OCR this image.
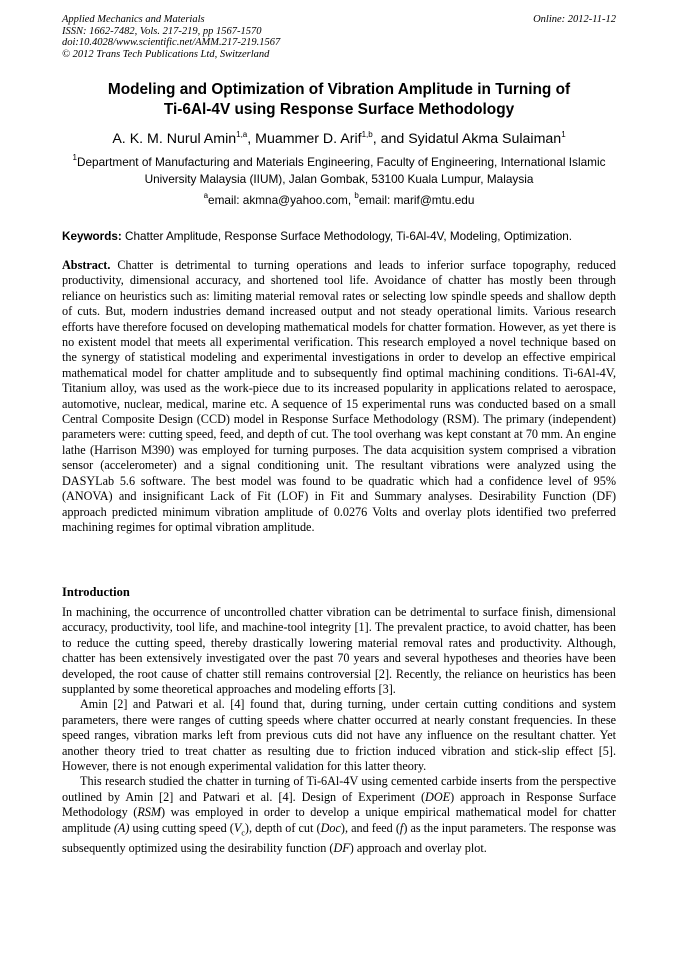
Online: 2012-11-12
Applied Mechanics and Materials
ISSN: 1662-7482, Vols. 217-219, pp 1567-1570
doi:10.4028/www.scientific.net/AMM.217-219.1567
© 2012 Trans Tech Publications Ltd, Switzerland
Modeling and Optimization of Vibration Amplitude in Turning of
Ti-6Al-4V using Response Surface Methodology
A. K. M. Nurul Amin$^{1,a}$, Muammer D. Arif$^{1,b}$, and Syidatul Akma Sulaiman$^1$
$^1$Department of Manufacturing and Materials Engineering, Faculty of Engineering, International Islamic University Malaysia (IIUM), Jalan Gombak, 53100 Kuala Lumpur, Malaysia
$^a$email: akmna@yahoo.com, $^b$email: marif@mtu.edu
Keywords: Chatter Amplitude, Response Surface Methodology, Ti-6Al-4V, Modeling, Optimization.

Abstract. Chatter is detrimental to turning operations and leads to inferior surface topography, reduced productivity, dimensional accuracy, and shortened tool life. Avoidance of chatter has mostly been through reliance on heuristics such as: limiting material removal rates or selecting low spindle speeds and shallow depth of cuts. But, modern industries demand increased output and not steady operational limits. Various research efforts have therefore focused on developing mathematical models for chatter formation. However, as yet there is no existent model that meets all experimental verification. This research employed a novel technique based on the synergy of statistical modeling and experimental investigations in order to develop an effective empirical mathematical model for chatter amplitude and to subsequently find optimal machining conditions. Ti-6Al-4V, Titanium alloy, was used as the work-piece due to its increased popularity in applications related to aerospace, automotive, nuclear, medical, marine etc. A sequence of 15 experimental runs was conducted based on a small Central Composite Design (CCD) model in Response Surface Methodology (RSM). The primary (independent) parameters were: cutting speed, feed, and depth of cut. The tool overhang was kept constant at 70 mm. An engine lathe (Harrison M390) was employed for turning purposes. The data acquisition system comprised a vibration sensor (accelerometer) and a signal conditioning unit. The resultant vibrations were analyzed using the DASYLab 5.6 software. The best model was found to be quadratic which had a confidence level of 95% (ANOVA) and insignificant Lack of Fit (LOF) in Fit and Summary analyses. Desirability Function (DF) approach predicted minimum vibration amplitude of 0.0276 Volts and overlay plots identified two preferred machining regimes for optimal vibration amplitude.

Introduction

In machining, the occurrence of uncontrolled chatter vibration can be detrimental to surface finish, dimensional accuracy, productivity, tool life, and machine-tool integrity [1]. The prevalent practice, to avoid chatter, has been to reduce the cutting speed, thereby drastically lowering material removal rates and productivity. Although, chatter has been extensively investigated over the past 70 years and several hypotheses and theories have been developed, the root cause of chatter still remains controversial [2]. Recently, the reliance on heuristics has been supplanted by some theoretical approaches and modeling efforts [3].

Amin [2] and Patwari et al. [4] found that, during turning, under certain cutting conditions and system parameters, there were ranges of cutting speeds where chatter occurred at nearly constant frequencies. In these speed ranges, vibration marks left from previous cuts did not have any influence on the resultant chatter. Yet another theory tried to treat chatter as resulting due to friction induced vibration and stick-slip effect [5]. However, there is not enough experimental validation for this latter theory.

This research studied the chatter in turning of Ti-6Al-4V using cemented carbide inserts from the perspective outlined by Amin [2] and Patwari et al. [4]. Design of Experiment (DOE) approach in Response Surface Methodology (RSM) was employed in order to develop a unique empirical mathematical model for chatter amplitude (A) using cutting speed $(V_c)$, depth of cut (Doc), and feed (f) as the input parameters. The response was subsequently optimized using the desirability function (DF) approach and overlay plot.
